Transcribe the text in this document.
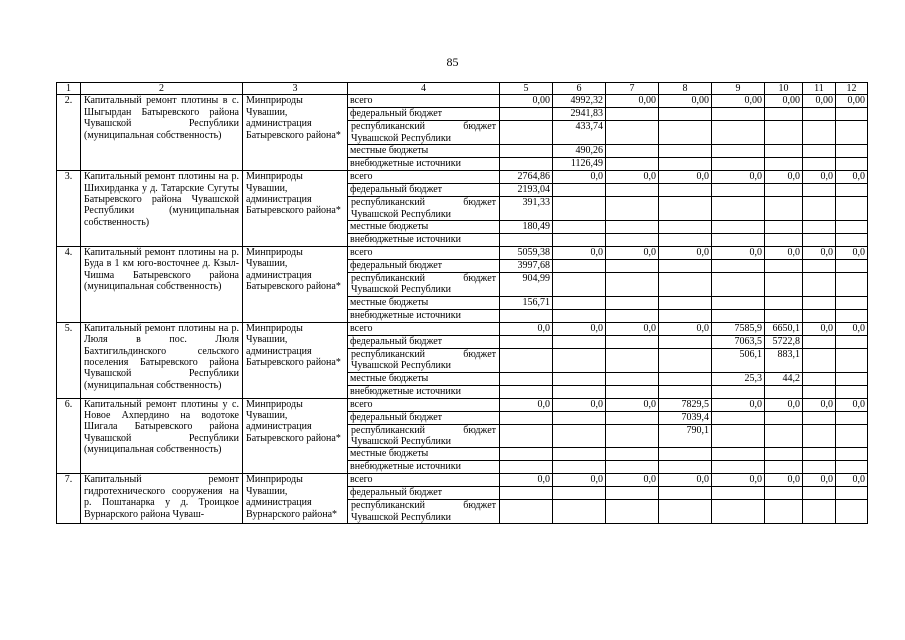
85
1	2	3	4	5	6	7	8	9	10	11	12
2.	Капитальный ремонт плотины в с. Шыгырдан Батыревского района Чувашской Республики (муниципальная собственность)	Минприроды Чувашии, администрация Батыревского района*	всего	0,00	4992,32	0,00	0,00	0,00	0,00	0,00	0,00
			федеральный бюджет		2941,83						
			республиканский бюджет Чувашской Республики		433,74						
			местные бюджеты		490,26						
			внебюджетные источники		1126,49						
3.	Капитальный ремонт плотины на р. Шихирданка у д. Татарские Сугуты Батыревского района Чувашской Республики (муниципальная собственность)	Минприроды Чувашии, администрация Батыревского района*	всего	2764,86	0,0	0,0	0,0	0,0	0,0	0,0	0,0
			федеральный бюджет	2193,04							
			республиканский бюджет Чувашской Республики	391,33							
			местные бюджеты	180,49							
			внебюджетные источники								
4.	Капитальный ремонт плотины на р. Буда в 1 км юго-восточнее д. Кзыл-Чишма Батыревского района (муниципальная собственность)	Минприроды Чувашии, администрация Батыревского района*	всего	5059,38	0,0	0,0	0,0	0,0	0,0	0,0	0,0
			федеральный бюджет	3997,68							
			республиканский бюджет Чувашской Республики	904,99							
			местные бюджеты	156,71							
			внебюджетные источники								
5.	Капитальный ремонт плотины на р. Люля в пос. Люля Бахтигильдинского сельского поселения Батыревского района Чувашской Республики (муниципальная собственность)	Минприроды Чувашии, администрация Батыревского района*	всего	0,0	0,0	0,0	0,0	7585,9	6650,1	0,0	0,0
			федеральный бюджет					7063,5	5722,8		
			республиканский бюджет Чувашской Республики					506,1	883,1		
			местные бюджеты					25,3	44,2		
			внебюджетные источники								
6.	Капитальный ремонт плотины у с. Новое Ахпердино на водотоке Шигала Батыревского района Чувашской Республики (муниципальная собственность)	Минприроды Чувашии, администрация Батыревского района*	всего	0,0	0,0	0,0	7829,5	0,0	0,0	0,0	0,0
			федеральный бюджет				7039,4				
			республиканский бюджет Чувашской Республики				790,1				
			местные бюджеты								
			внебюджетные источники								
7.	Капитальный ремонт гидротехнического сооружения на р. Поштанарка у д. Троицкое Вурнарского района Чуваш-	Минприроды Чувашии, администрация Вурнарского района*	всего	0,0	0,0	0,0	0,0	0,0	0,0	0,0	0,0
			федеральный бюджет								
			республиканский бюджет Чувашской Республики								
